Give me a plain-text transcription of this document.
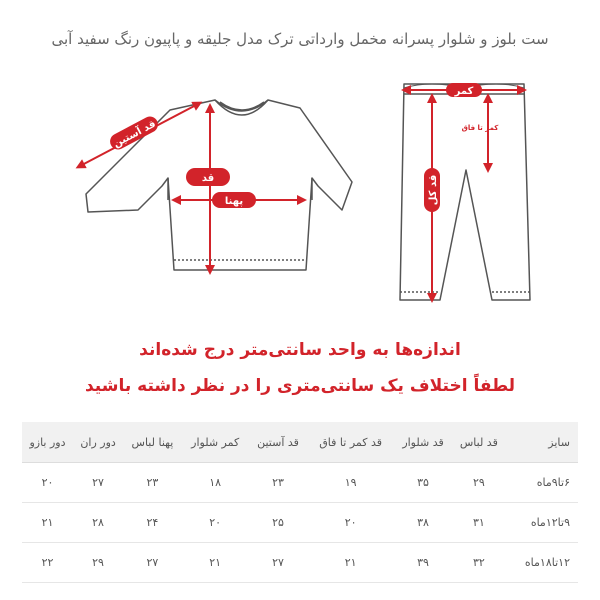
ست بلوز و شلوار پسرانه مخمل وارداتی ترک مدل جلیقه و پاپیون رنگ سفید آبی
قد آستین
قد
پهنا
کمر
کمر تا فاق
قد کل
اندازه‌ها به واحد سانتی‌متر درج شده‌اند
لطفاً اختلاف یک سانتی‌متری را در نظر داشته باشید
سایز	قد لباس	قد شلوار	قد کمر تا فاق	قد آستین	کمر شلوار	پهنا لباس	دور ران	دور بازو
۶تا۹ماه	۲۹	۳۵	۱۹	۲۳	۱۸	۲۳	۲۷	۲۰
۹تا۱۲ماه	۳۱	۳۸	۲۰	۲۵	۲۰	۲۴	۲۸	۲۱
۱۲تا۱۸ماه	۳۲	۳۹	۲۱	۲۷	۲۱	۲۷	۲۹	۲۲
